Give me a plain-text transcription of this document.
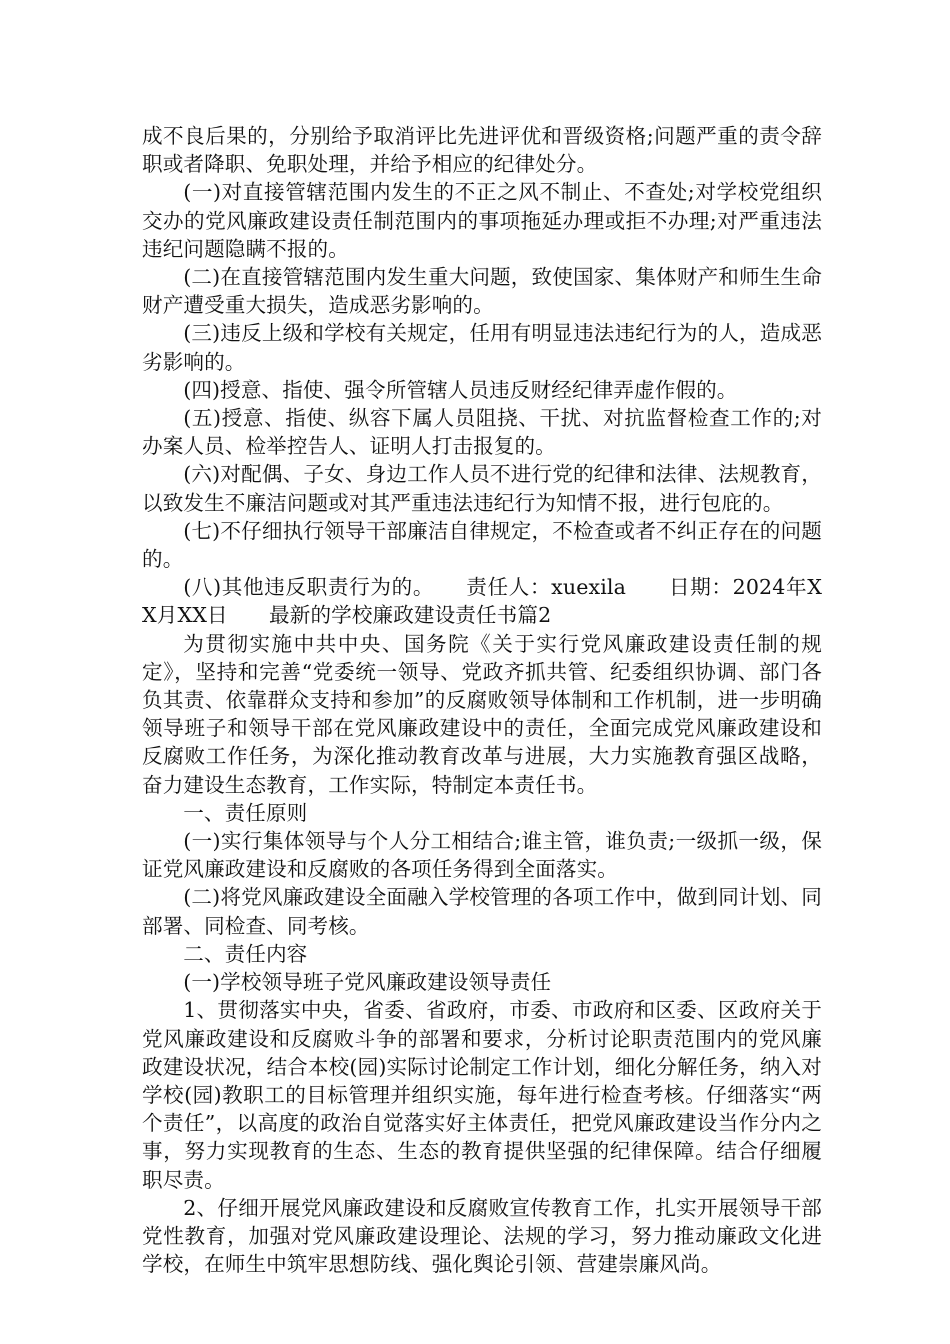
成不良后果的，分别给予取消评比先进评优和晋级资格;问题严重的责令辞职或者降职、免职处理，并给予相应的纪律处分。

(一)对直接管辖范围内发生的不正之风不制止、不查处;对学校党组织交办的党风廉政建设责任制范围内的事项拖延办理或拒不办理;对严重违法违纪问题隐瞒不报的。

(二)在直接管辖范围内发生重大问题，致使国家、集体财产和师生生命财产遭受重大损失，造成恶劣影响的。

(三)违反上级和学校有关规定，任用有明显违法违纪行为的人，造成恶劣影响的。

(四)授意、指使、强令所管辖人员违反财经纪律弄虚作假的。

(五)授意、指使、纵容下属人员阻挠、干扰、对抗监督检查工作的;对办案人员、检举控告人、证明人打击报复的。

(六)对配偶、子女、身边工作人员不进行党的纪律和法律、法规教育，以致发生不廉洁问题或对其严重违法违纪行为知情不报，进行包庇的。

(七)不仔细执行领导干部廉洁自律规定，不检查或者不纠正存在的问题的。

(八)其他违反职责行为的。　　责任人：xuexila　　日期：2024年XX月XX日　　最新的学校廉政建设责任书篇2

为贯彻实施中共中央、国务院《关于实行党风廉政建设责任制的规定》，坚持和完善“党委统一领导、党政齐抓共管、纪委组织协调、部门各负其责、依靠群众支持和参加”的反腐败领导体制和工作机制，进一步明确领导班子和领导干部在党风廉政建设中的责任，全面完成党风廉政建设和反腐败工作任务，为深化推动教育改革与进展，大力实施教育强区战略，奋力建设生态教育，工作实际，特制定本责任书。

一、责任原则

(一)实行集体领导与个人分工相结合;谁主管，谁负责;一级抓一级，保证党风廉政建设和反腐败的各项任务得到全面落实。

(二)将党风廉政建设全面融入学校管理的各项工作中，做到同计划、同部署、同检查、同考核。

二、责任内容

(一)学校领导班子党风廉政建设领导责任

1、贯彻落实中央，省委、省政府，市委、市政府和区委、区政府关于党风廉政建设和反腐败斗争的部署和要求，分析讨论职责范围内的党风廉政建设状况，结合本校(园)实际讨论制定工作计划，细化分解任务，纳入对学校(园)教职工的目标管理并组织实施，每年进行检查考核。仔细落实“两个责任”，以高度的政治自觉落实好主体责任，把党风廉政建设当作分内之事，努力实现教育的生态、生态的教育提供坚强的纪律保障。结合仔细履职尽责。

2、仔细开展党风廉政建设和反腐败宣传教育工作，扎实开展领导干部党性教育，加强对党风廉政建设理论、法规的学习，努力推动廉政文化进学校，在师生中筑牢思想防线、强化舆论引领、营建崇廉风尚。
